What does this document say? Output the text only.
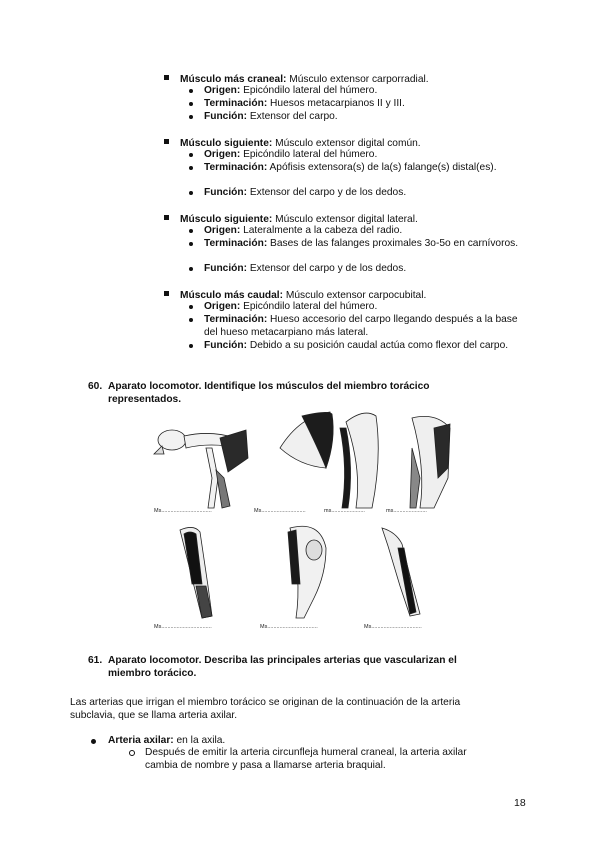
Músculo más craneal: Músculo extensor carporradial.
Origen: Epicóndilo lateral del húmero.
Terminación: Huesos metacarpianos II y III.
Función: Extensor del carpo.
Músculo siguiente: Músculo extensor digital común.
Origen: Epicóndilo lateral del húmero.
Terminación: Apófisis extensora(s) de la(s) falange(s) distal(es).
Función: Extensor del carpo y de los dedos.
Músculo siguiente: Músculo extensor digital lateral.
Origen: Lateralmente a la cabeza del radio.
Terminación: Bases de las falanges proximales 3o-5o en carnívoros.
Función: Extensor del carpo y de los dedos.
Músculo más caudal: Músculo extensor carpocubital.
Origen: Epicóndilo lateral del húmero.
Terminación: Hueso accesorio del carpo llegando después a la base del hueso metacarpiano más lateral.
Función: Debido a su posición caudal actúa como flexor del carpo.
60. Aparato locomotor. Identifique los músculos del miembro torácico
representados.
Ms.................................	Ms.............................	ms......................	ms......................
Ms.................................	Ms.................................	Ms.................................
61. Aparato locomotor. Describa las principales arterias que vascularizan el
miembro torácico.
Las arterias que irrigan el miembro torácico se originan de la continuación de la arteria
subclavia, que se llama arteria axilar.
Arteria axilar: en la axila.
Después de emitir la arteria circunfleja humeral craneal, la arteria axilar
cambia de nombre y pasa a llamarse arteria braquial.
18
